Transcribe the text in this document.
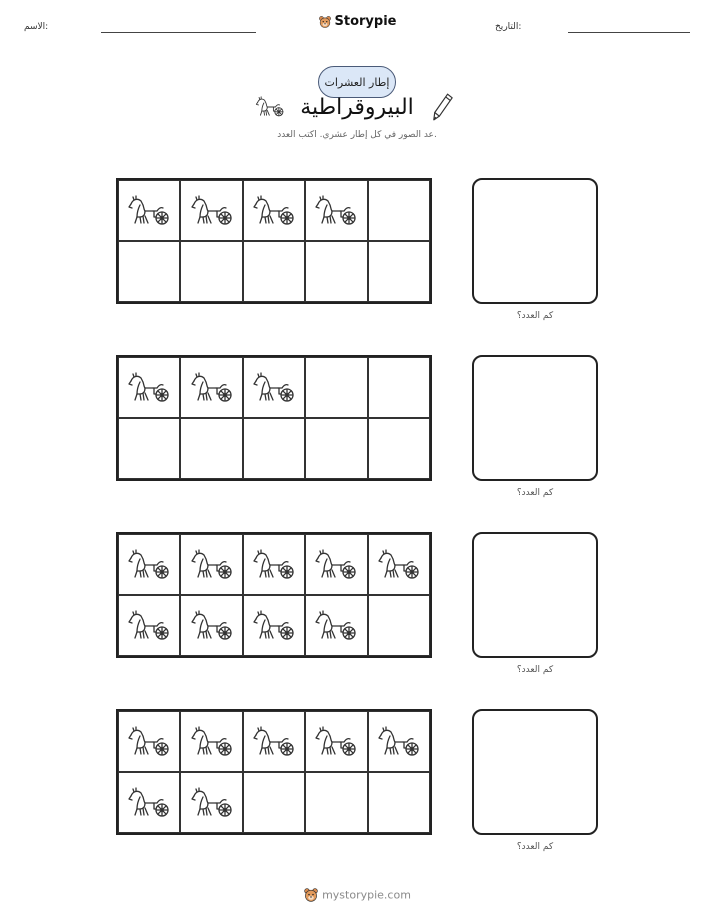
الاسم:	Storypie	التاريخ:
إطار العشرات
البيروقراطية
عد الصور في كل إطار عشري. اكتب العدد.
كم العدد؟
كم العدد؟
كم العدد؟
كم العدد؟
mystorypie.com
